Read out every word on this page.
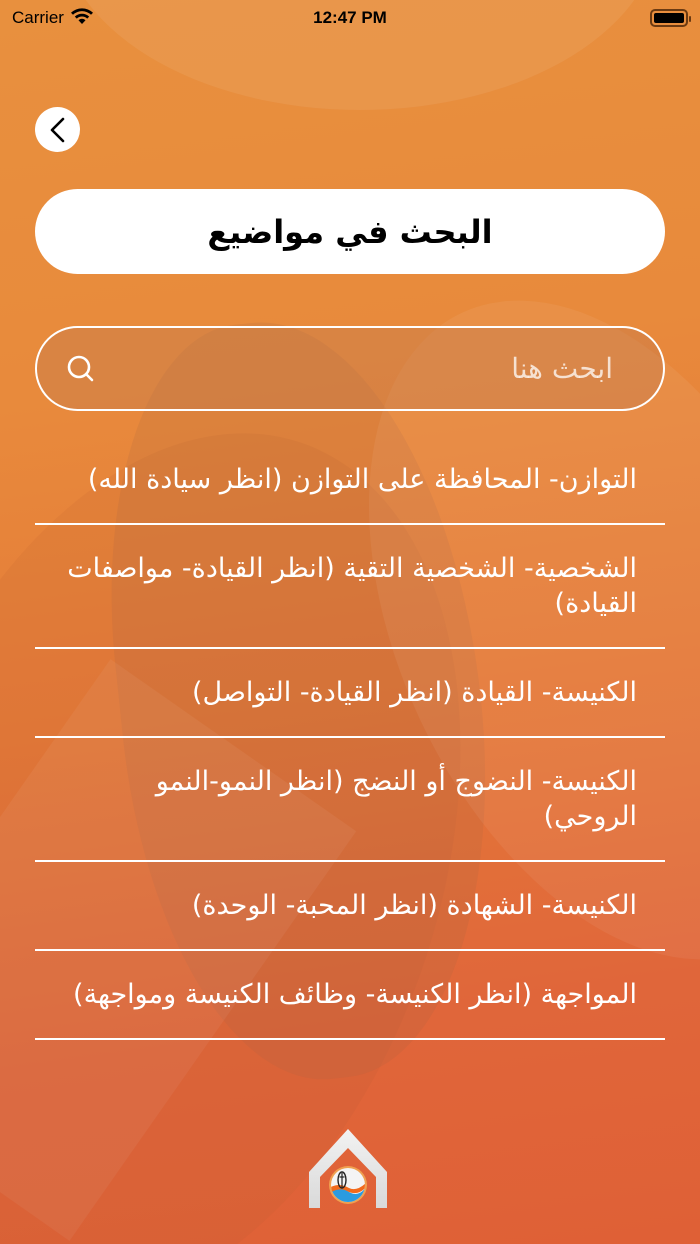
Carrier	12:47 PM
البحث في مواضيع
ابحث هنا
التوازن- المحافظة على التوازن (انظر سيادة الله)
الشخصية- الشخصية التقية (انظر القيادة- مواصفات القيادة)
الكنيسة- القيادة (انظر القيادة- التواصل)
الكنيسة- النضوج أو النضج (انظر النمو-النمو الروحي)
الكنيسة- الشهادة (انظر المحبة- الوحدة)
المواجهة (انظر الكنيسة- وظائف الكنيسة ومواجهة)
